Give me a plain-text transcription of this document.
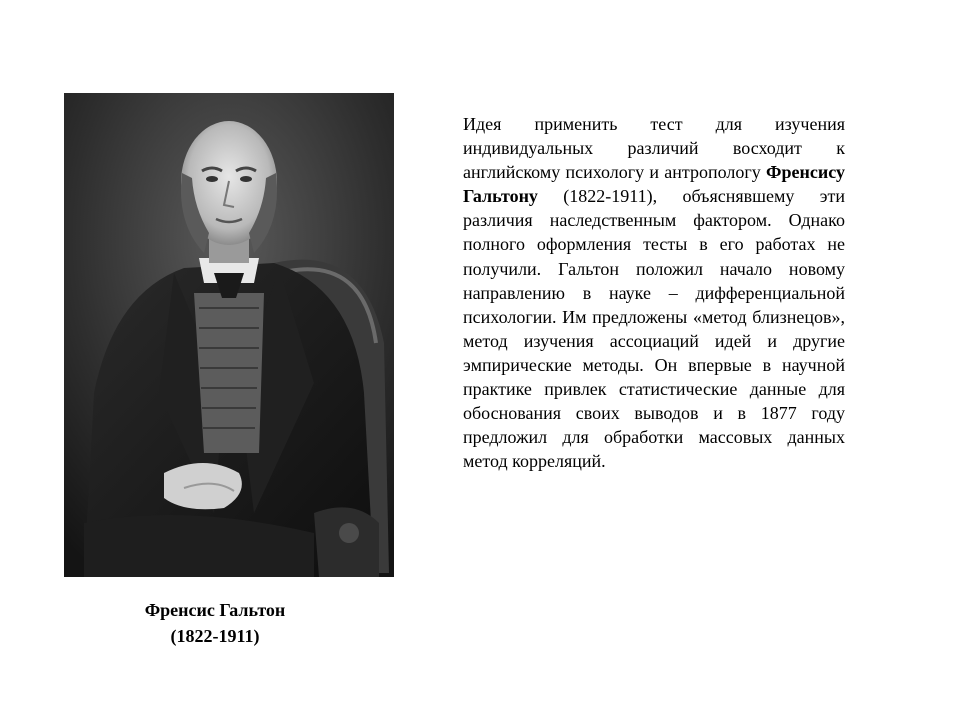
Френсис Гальтон
(1822-1911)
Идея применить тест для изучения индивидуальных различий восходит к английскому психологу и антропологу Френсису Гальтону (1822-1911), объяснявшему эти различия наследственным фактором. Однако полного оформления тесты в его работах не получили. Гальтон положил начало новому направлению в науке – дифференциальной психологии. Им предложены «метод близнецов», метод изучения ассоциаций идей и другие эмпирические методы. Он впервые в научной практике привлек статистические данные для обоснования своих выводов и в 1877 году предложил для обработки массовых данных метод корреляций.
